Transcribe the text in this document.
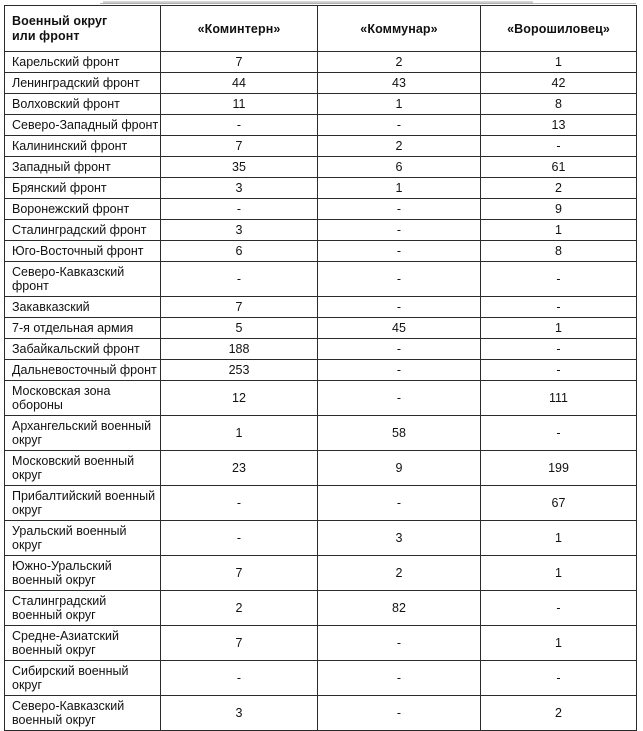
Военный округ
или фронт	«Коминтерн»	«Коммунар»	«Ворошиловец»

Карельский фронт	7	2	1

Ленинградский фронт	44	43	42

Волховский фронт	11	1	8

Северо-Западный фронт	-	-	13

Калининский фронт	7	2	-

Западный фронт	35	6	61

Брянский фронт	3	1	2

Воронежский фронт	-	-	9

Сталинградский фронт	3	-	1

Юго-Восточный фронт	6	-	8

Северо-Кавказский
фронт	-	-	-

Закавказский	7	-	-

7-я отдельная армия	5	45	1

Забайкальский фронт	188	-	-

Дальневосточный фронт	253	-	-

Московская зона
обороны	12	-	111

Архангельский военный
округ	1	58	-

Московский военный
округ	23	9	199

Прибалтийский военный
округ	-	-	67

Уральский военный
округ	-	3	1

Южно-Уральский
военный округ	7	2	1

Сталинградский
военный округ	2	82	-

Средне-Азиатский
военный округ	7	-	1

Сибирский военный
округ	-	-	-

Северо-Кавказский
военный округ	3	-	2
